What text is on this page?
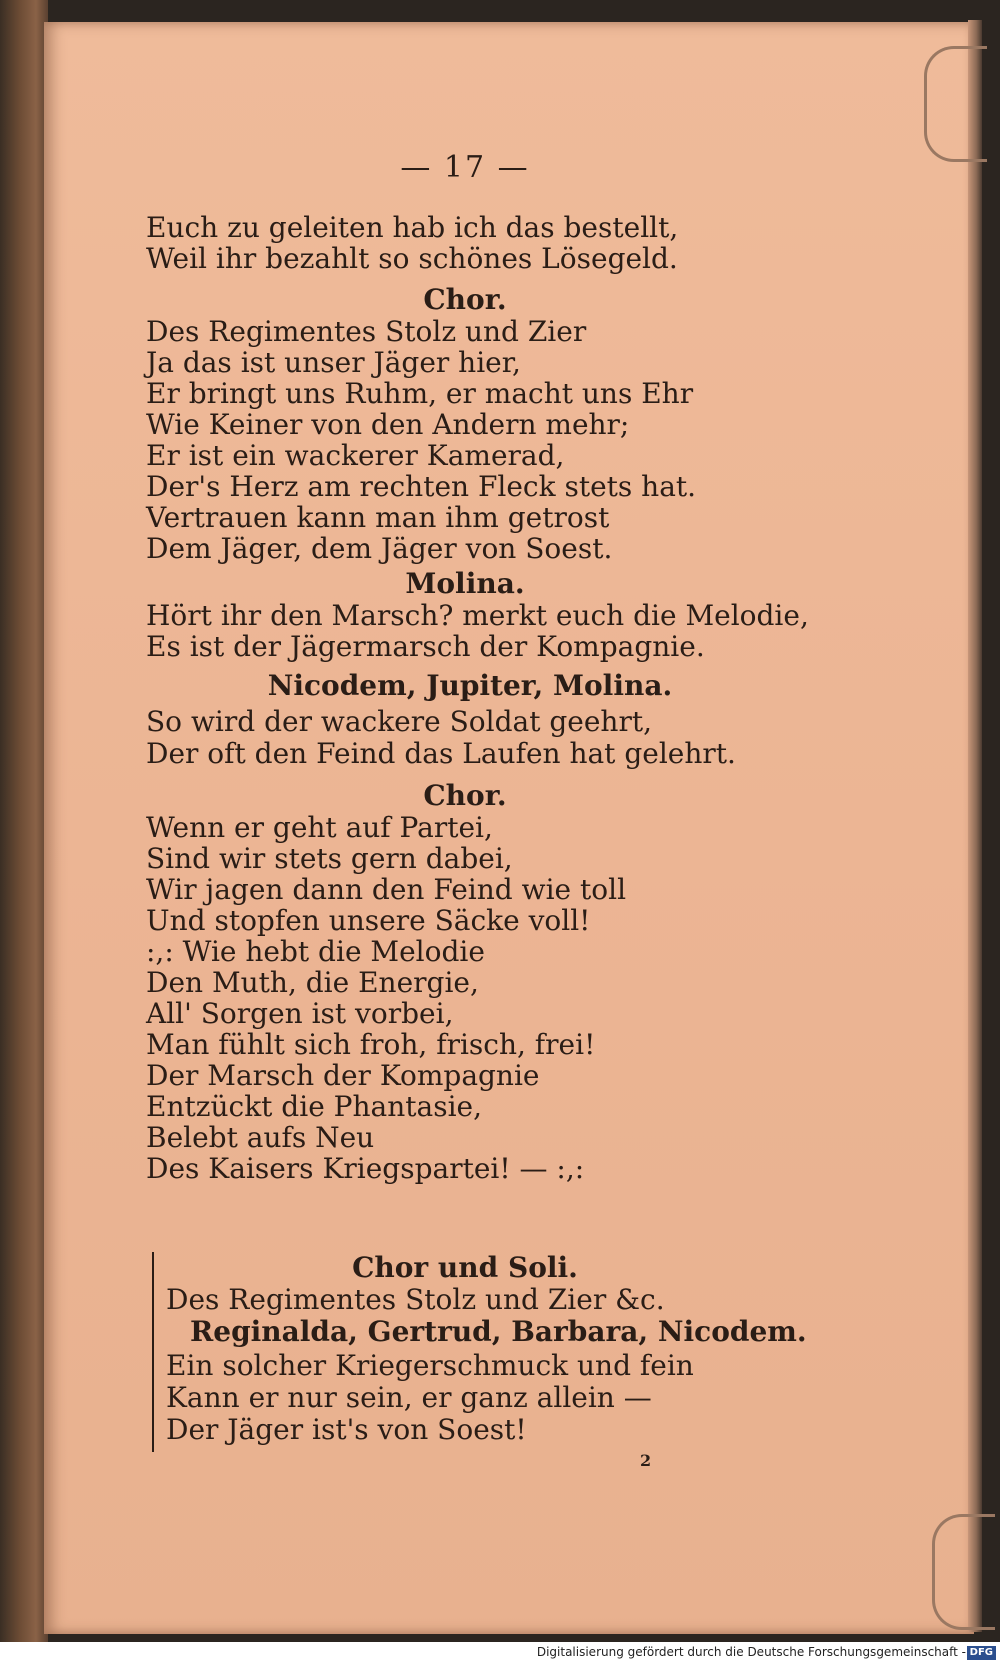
— 17 —
Euch zu geleiten hab ich das bestellt,
Weil ihr bezahlt so schönes Lösegeld.
Chor.
Des Regimentes Stolz und Zier
Ja das ist unser Jäger hier,
Er bringt uns Ruhm, er macht uns Ehr
Wie Keiner von den Andern mehr;
Er ist ein wackerer Kamerad,
Der's Herz am rechten Fleck stets hat.
Vertrauen kann man ihm getrost
Dem Jäger, dem Jäger von Soest.
Molina.
Hört ihr den Marsch? merkt euch die Melodie,
Es ist der Jägermarsch der Kompagnie.
Nicodem, Jupiter, Molina.
So wird der wackere Soldat geehrt,
Der oft den Feind das Laufen hat gelehrt.
Chor.
Wenn er geht auf Partei,
Sind wir stets gern dabei,
Wir jagen dann den Feind wie toll
Und stopfen unsere Säcke voll!
:,: Wie hebt die Melodie
Den Muth, die Energie,
All' Sorgen ist vorbei,
Man fühlt sich froh, frisch, frei!
Der Marsch der Kompagnie
Entzückt die Phantasie,
Belebt aufs Neu
Des Kaisers Kriegspartei! — :,:
Chor und Soli.
Des Regimentes Stolz und Zier &c.
Reginalda, Gertrud, Barbara, Nicodem.
Ein solcher Kriegerschmuck und fein
Kann er nur sein, er ganz allein —
Der Jäger ist's von Soest!
2
Digitalisierung gefördert durch die Deutsche Forschungsgemeinschaft - DFG
